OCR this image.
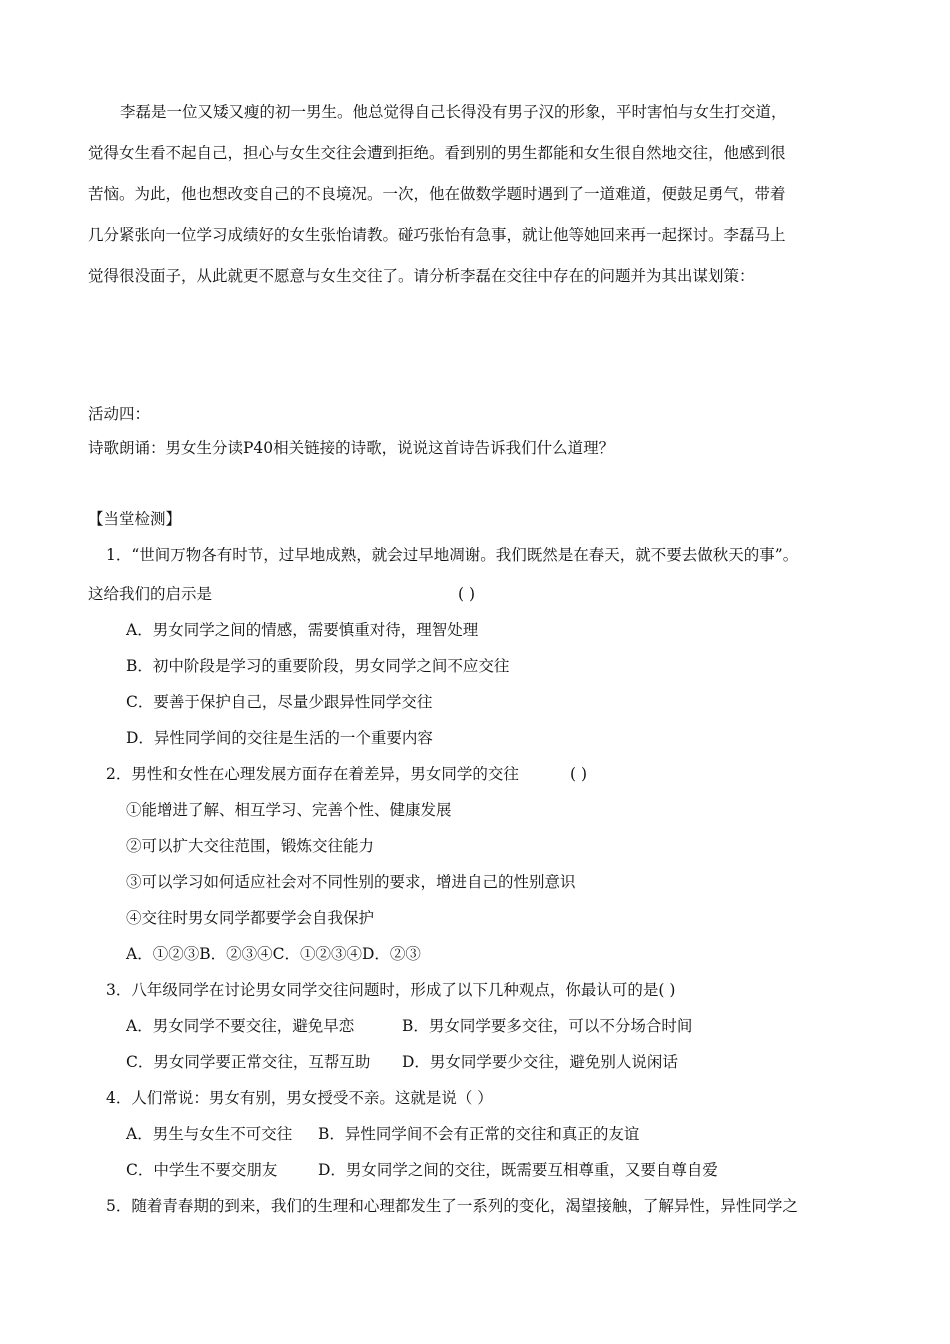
李磊是一位又矮又瘦的初一男生。他总觉得自己长得没有男子汉的形象，平时害怕与女生打交道，
觉得女生看不起自己，担心与女生交往会遭到拒绝。看到别的男生都能和女生很自然地交往，他感到很
苦恼。为此，他也想改变自己的不良境况。一次，他在做数学题时遇到了一道难道，便鼓足勇气，带着
几分紧张向一位学习成绩好的女生张怡请教。碰巧张怡有急事，就让他等她回来再一起探讨。李磊马上
觉得很没面子，从此就更不愿意与女生交往了。请分析李磊在交往中存在的问题并为其出谋划策：
活动四：
诗歌朗诵：男女生分读P40相关链接的诗歌，说说这首诗告诉我们什么道理？
【当堂检测】
1．“世间万物各有时节，过早地成熟，就会过早地凋谢。我们既然是在春天，就不要去做秋天的事”。
这给我们的启示是	( )
A．男女同学之间的情感，需要慎重对待，理智处理
B．初中阶段是学习的重要阶段，男女同学之间不应交往
C．要善于保护自己，尽量少跟异性同学交往
D．异性同学间的交往是生活的一个重要内容
2．男性和女性在心理发展方面存在着差异，男女同学的交往	( )
①能增进了解、相互学习、完善个性、健康发展
②可以扩大交往范围，锻炼交往能力
③可以学习如何适应社会对不同性别的要求，增进自己的性别意识
④交往时男女同学都要学会自我保护
A．①②③B．②③④C．①②③④D．②③
3．八年级同学在讨论男女同学交往问题时，形成了以下几种观点，你最认可的是( )
A．男女同学不要交往，避免早恋	B．男女同学要多交往，可以不分场合时间
C．男女同学要正常交往，互帮互助 D．男女同学要少交往，避免别人说闲话
4．人们常说：男女有别，男女授受不亲。这就是说（ ）
A．男生与女生不可交往 B．异性同学间不会有正常的交往和真正的友谊
C．中学生不要交朋友	D．男女同学之间的交往，既需要互相尊重，又要自尊自爱
5．随着青春期的到来，我们的生理和心理都发生了一系列的变化，渴望接触，了解异性，异性同学之
